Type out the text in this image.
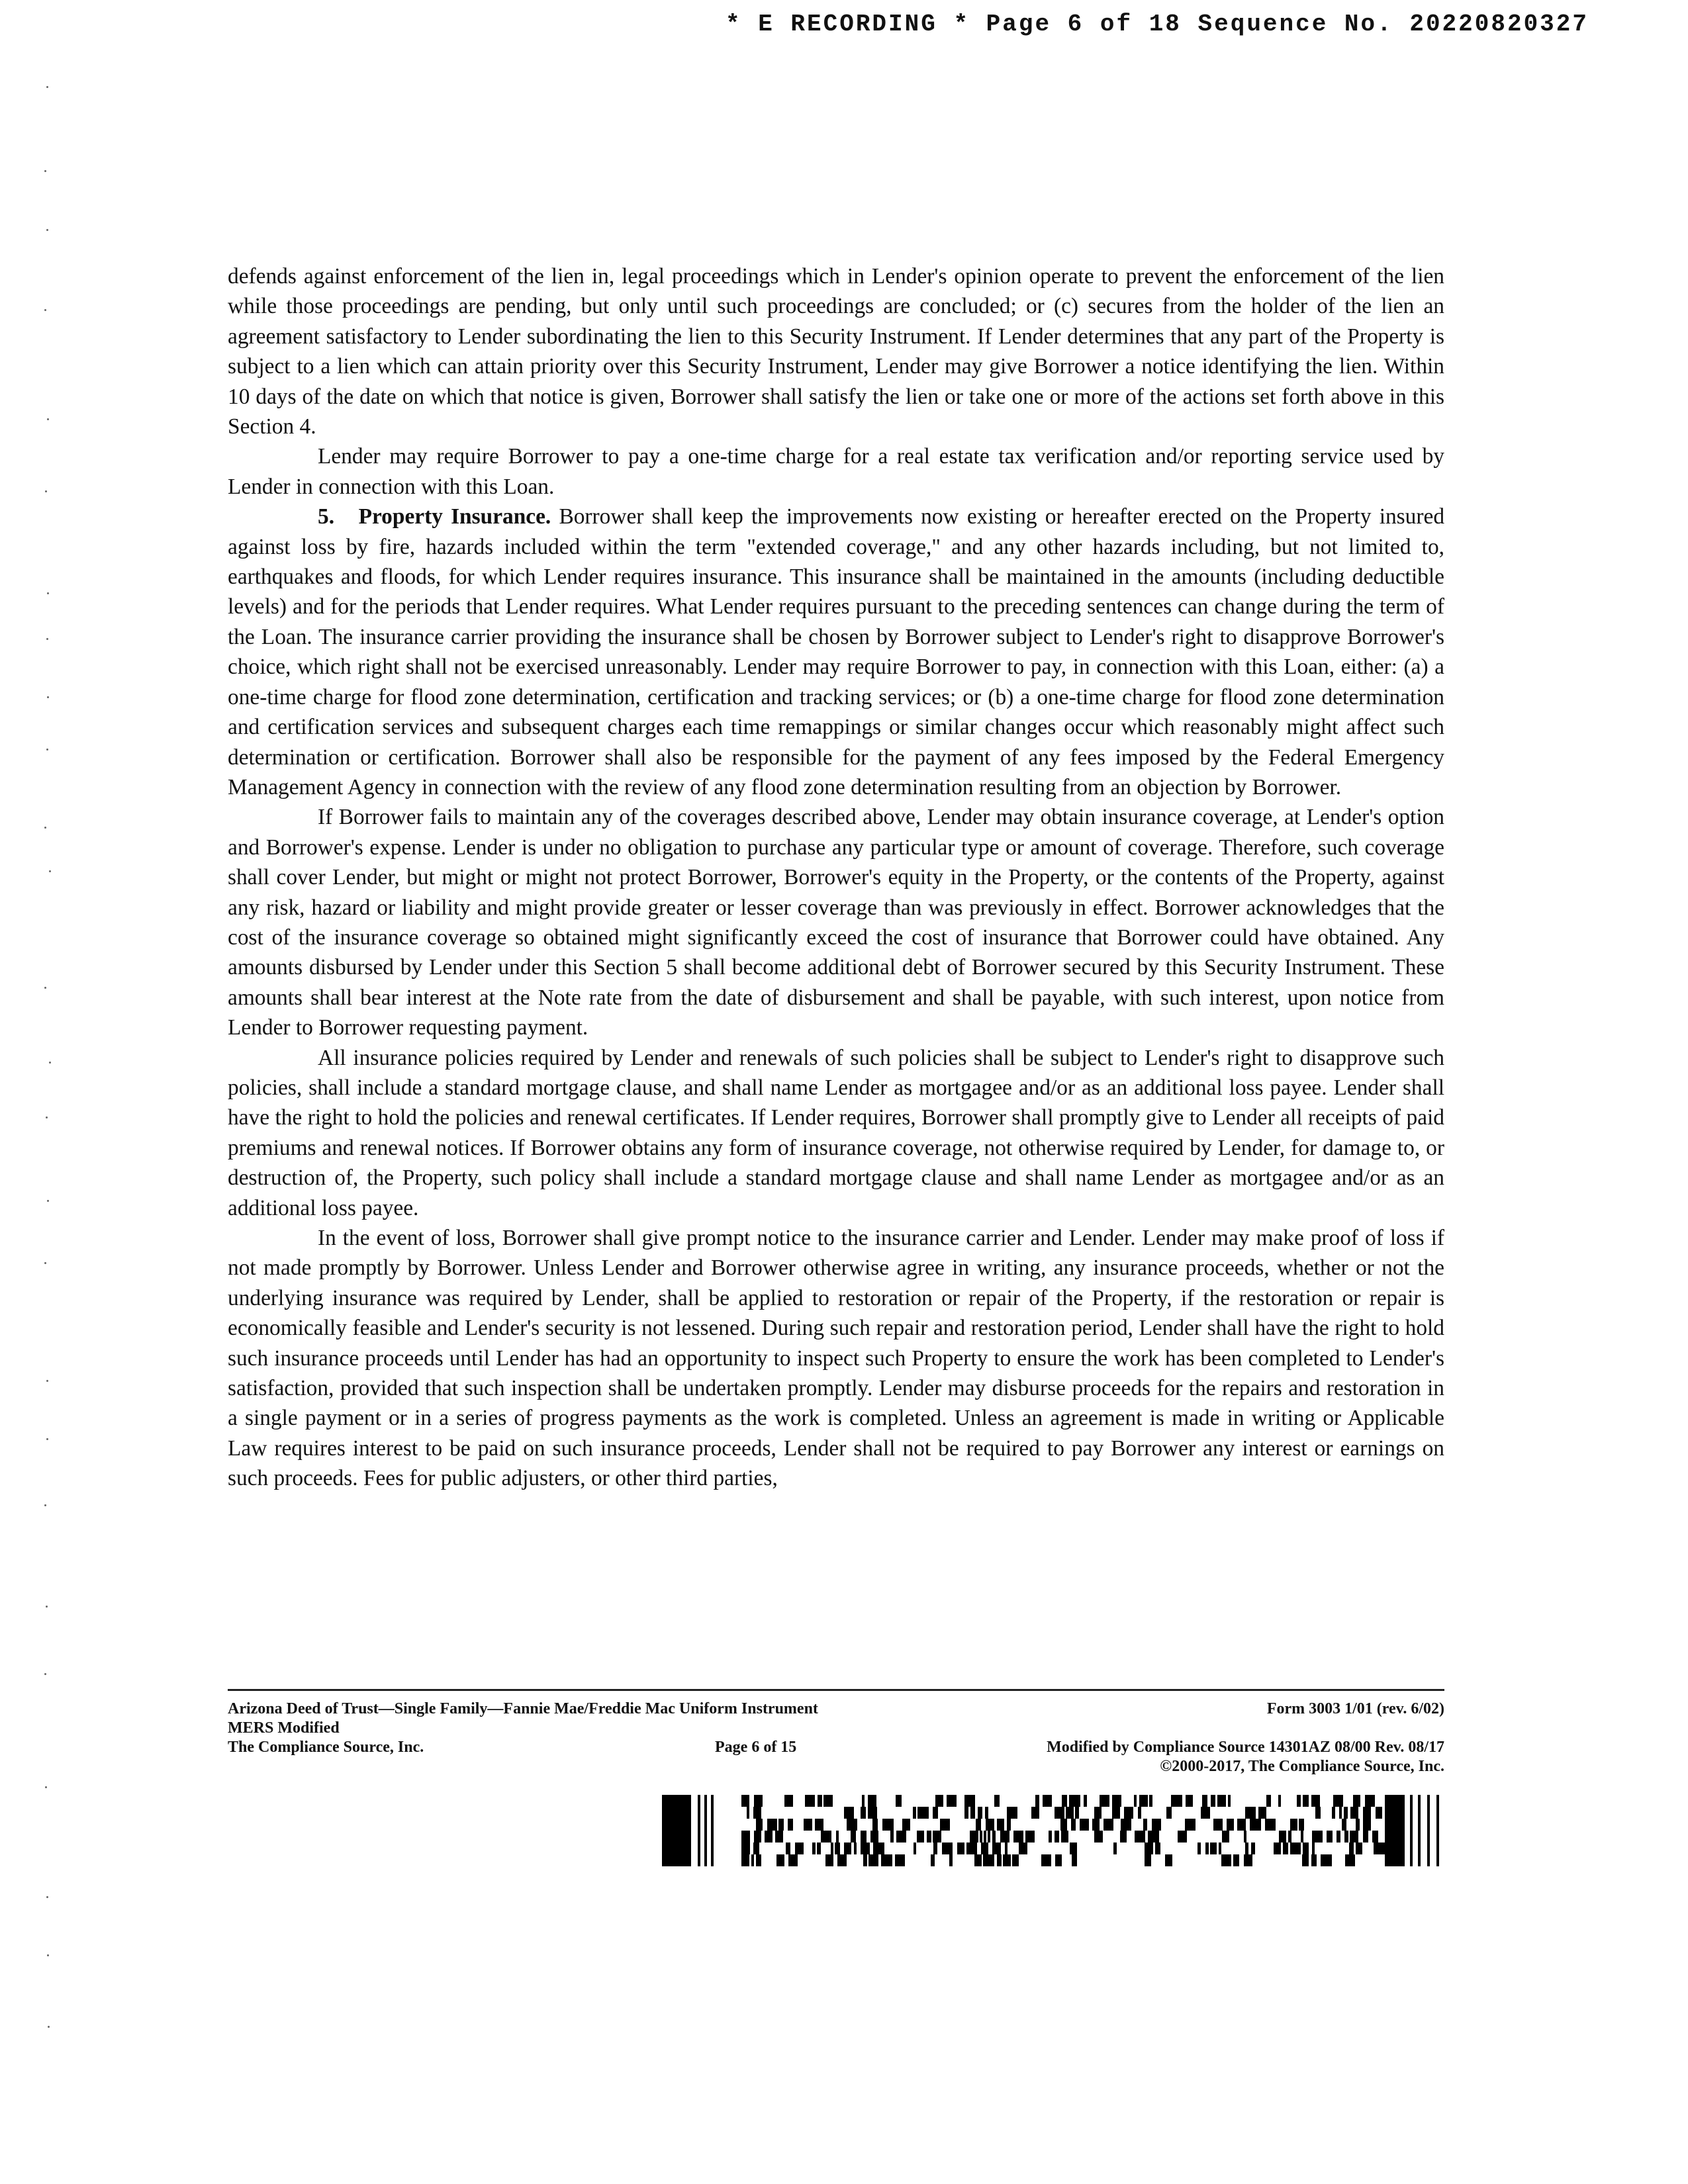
* E RECORDING * Page 6 of 18 Sequence No. 20220820327

defends against enforcement of the lien in, legal proceedings which in Lender's opinion operate to prevent the enforcement of the lien while those proceedings are pending, but only until such proceedings are concluded; or (c) secures from the holder of the lien an agreement satisfactory to Lender subordinating the lien to this Security Instrument. If Lender determines that any part of the Property is subject to a lien which can attain priority over this Security Instrument, Lender may give Borrower a notice identifying the lien. Within 10 days of the date on which that notice is given, Borrower shall satisfy the lien or take one or more of the actions set forth above in this Section 4.

Lender may require Borrower to pay a one-time charge for a real estate tax verification and/or reporting service used by Lender in connection with this Loan.

5. Property Insurance. Borrower shall keep the improvements now existing or hereafter erected on the Property insured against loss by fire, hazards included within the term "extended coverage," and any other hazards including, but not limited to, earthquakes and floods, for which Lender requires insurance. This insurance shall be maintained in the amounts (including deductible levels) and for the periods that Lender requires. What Lender requires pursuant to the preceding sentences can change during the term of the Loan. The insurance carrier providing the insurance shall be chosen by Borrower subject to Lender's right to disapprove Borrower's choice, which right shall not be exercised unreasonably. Lender may require Borrower to pay, in connection with this Loan, either: (a) a one-time charge for flood zone determination, certification and tracking services; or (b) a one-time charge for flood zone determination and certification services and subsequent charges each time remappings or similar changes occur which reasonably might affect such determination or certification. Borrower shall also be responsible for the payment of any fees imposed by the Federal Emergency Management Agency in connection with the review of any flood zone determination resulting from an objection by Borrower.

If Borrower fails to maintain any of the coverages described above, Lender may obtain insurance coverage, at Lender's option and Borrower's expense. Lender is under no obligation to purchase any particular type or amount of coverage. Therefore, such coverage shall cover Lender, but might or might not protect Borrower, Borrower's equity in the Property, or the contents of the Property, against any risk, hazard or liability and might provide greater or lesser coverage than was previously in effect. Borrower acknowledges that the cost of the insurance coverage so obtained might significantly exceed the cost of insurance that Borrower could have obtained. Any amounts disbursed by Lender under this Section 5 shall become additional debt of Borrower secured by this Security Instrument. These amounts shall bear interest at the Note rate from the date of disbursement and shall be payable, with such interest, upon notice from Lender to Borrower requesting payment.

All insurance policies required by Lender and renewals of such policies shall be subject to Lender's right to disapprove such policies, shall include a standard mortgage clause, and shall name Lender as mortgagee and/or as an additional loss payee. Lender shall have the right to hold the policies and renewal certificates. If Lender requires, Borrower shall promptly give to Lender all receipts of paid premiums and renewal notices. If Borrower obtains any form of insurance coverage, not otherwise required by Lender, for damage to, or destruction of, the Property, such policy shall include a standard mortgage clause and shall name Lender as mortgagee and/or as an additional loss payee.

In the event of loss, Borrower shall give prompt notice to the insurance carrier and Lender. Lender may make proof of loss if not made promptly by Borrower. Unless Lender and Borrower otherwise agree in writing, any insurance proceeds, whether or not the underlying insurance was required by Lender, shall be applied to restoration or repair of the Property, if the restoration or repair is economically feasible and Lender's security is not lessened. During such repair and restoration period, Lender shall have the right to hold such insurance proceeds until Lender has had an opportunity to inspect such Property to ensure the work has been completed to Lender's satisfaction, provided that such inspection shall be undertaken promptly. Lender may disburse proceeds for the repairs and restoration in a single payment or in a series of progress payments as the work is completed. Unless an agreement is made in writing or Applicable Law requires interest to be paid on such insurance proceeds, Lender shall not be required to pay Borrower any interest or earnings on such proceeds. Fees for public adjusters, or other third parties,

Arizona Deed of Trust—Single Family—Fannie Mae/Freddie Mac Uniform Instrument	Form 3003 1/01 (rev. 6/02)
MERS Modified
The Compliance Source, Inc.	Page 6 of 15	Modified by Compliance Source 14301AZ 08/00 Rev. 08/17
©2000-2017, The Compliance Source, Inc.
